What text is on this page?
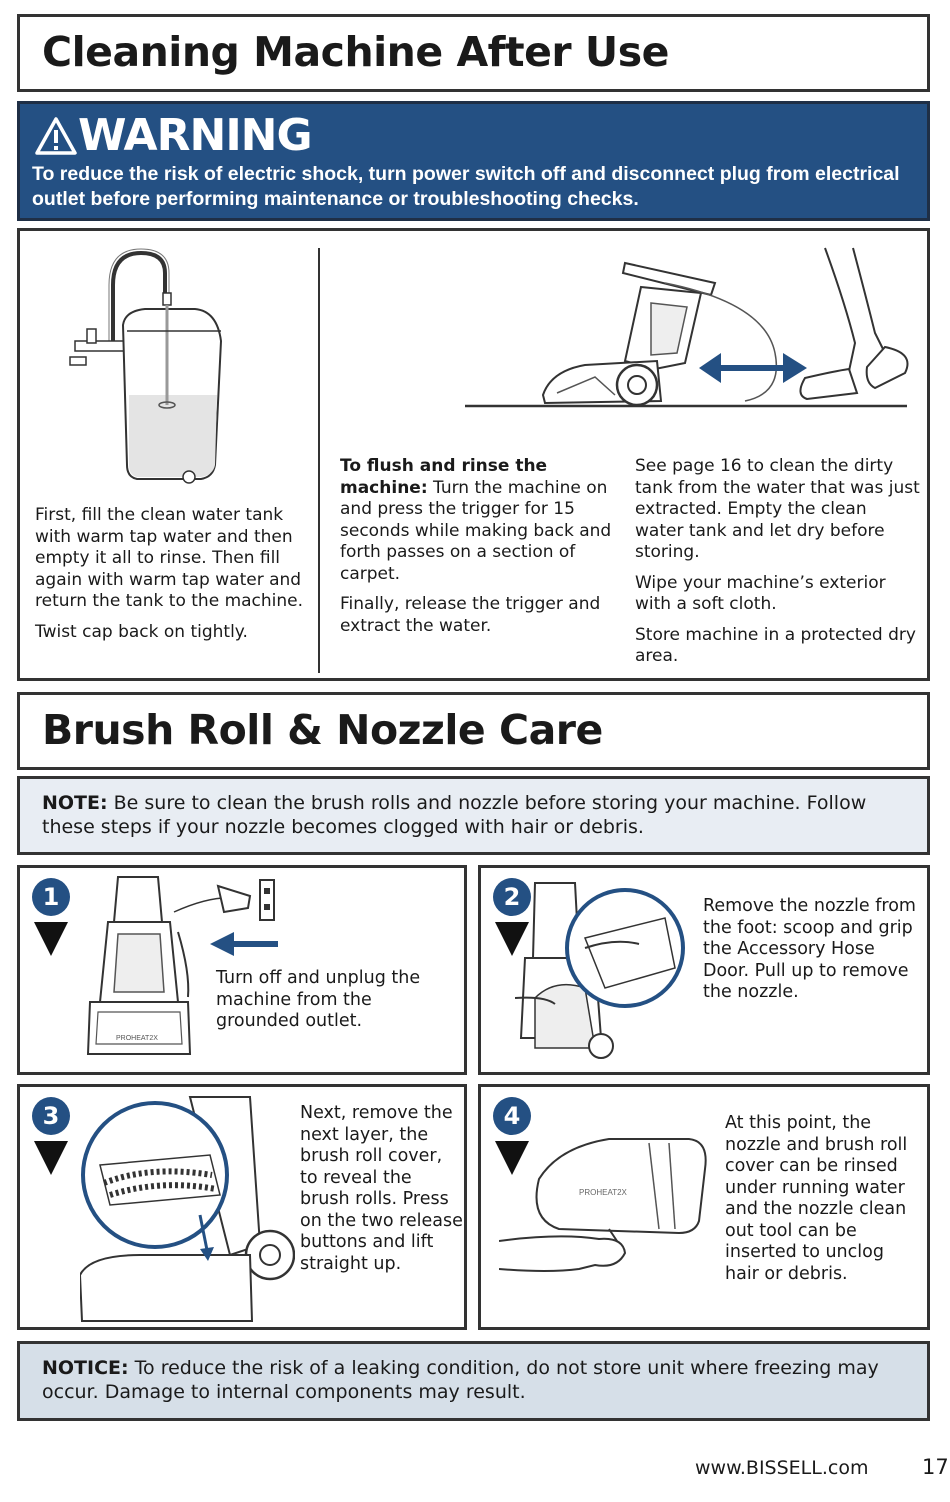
Cleaning Machine After Use
WARNING
To reduce the risk of electric shock, turn power switch off and disconnect plug from electrical outlet before performing maintenance or troubleshooting checks.

First, fill the clean water tank with warm tap water and then empty it all to rinse. Then fill again with warm tap water and return the tank to the machine.

Twist cap back on tightly.

To flush and rinse the machine: Turn the machine on and press the trigger for 15 seconds while making back and forth passes on a section of carpet.

Finally, release the trigger and extract the water.

See page 16 to clean the dirty tank from the water that was just extracted. Empty the clean water tank and let dry before storing.

Wipe your machine’s exterior with a soft cloth.

Store machine in a protected dry area.

Brush Roll & Nozzle Care
NOTE: Be sure to clean the brush rolls and nozzle before storing your machine. Follow these steps if your nozzle becomes clogged with hair or debris.
1
PROHEAT2X
Turn off and unplug the machine from the grounded outlet.
2	Remove the nozzle from the foot: scoop and grip the Accessory Hose Door. Pull up to remove the nozzle.
3	Next, remove the next layer, the brush roll cover, to reveal the brush rolls. Press on the two release buttons and lift straight up.
4
PROHEAT2X
At this point, the nozzle and brush roll cover can be rinsed under running water and the nozzle clean out tool can be inserted to unclog hair or debris.
NOTICE: To reduce the risk of a leaking condition, do not store unit where freezing may occur. Damage to internal components may result.
www.BISSELL.com	17
